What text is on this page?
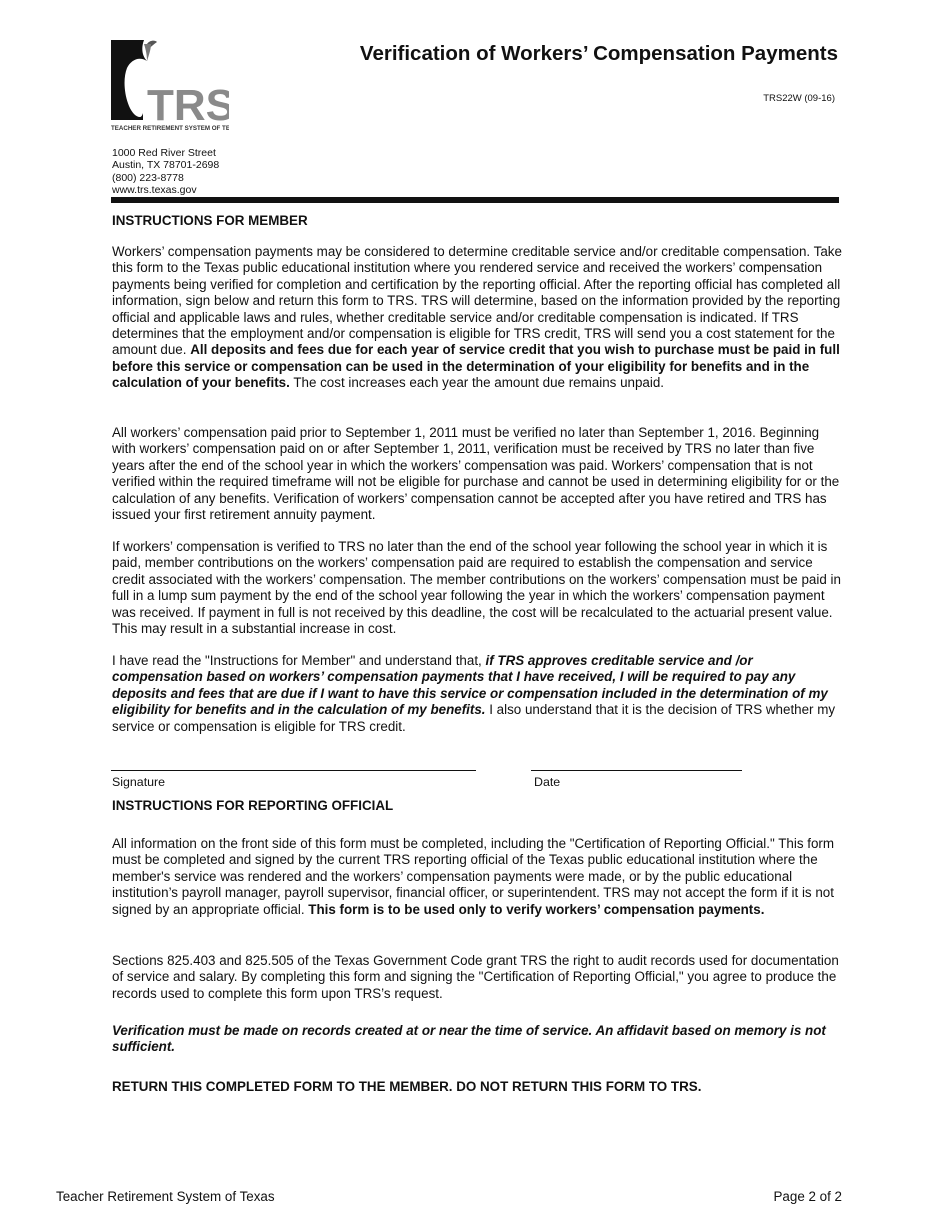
TRS
TEACHER RETIREMENT SYSTEM OF TE
1000 Red River Street
Austin, TX 78701-2698
(800) 223-8778
www.trs.texas.gov
Verification of Workers’ Compensation Payments
TRS22W (09-16)
INSTRUCTIONS FOR MEMBER

Workers’ compensation payments may be considered to determine creditable service and/or creditable compensation. Take this form to the Texas public educational institution where you rendered service and received the workers’ compensation payments being verified for completion and certification by the reporting official. After the reporting official has completed all information, sign below and return this form to TRS. TRS will determine, based on the information provided by the reporting official and applicable laws and rules, whether creditable service and/or creditable compensation is indicated. If TRS determines that the employment and/or compensation is eligible for TRS credit, TRS will send you a cost statement for the amount due. All deposits and fees due for each year of service credit that you wish to purchase must be paid in full before this service or compensation can be used in the determination of your eligibility for benefits and in the calculation of your benefits. The cost increases each year the amount due remains unpaid.

All workers’ compensation paid prior to September 1, 2011 must be verified no later than September 1, 2016. Beginning with workers’ compensation paid on or after September 1, 2011, verification must be received by TRS no later than five years after the end of the school year in which the workers’ compensation was paid. Workers’ compensation that is not verified within the required timeframe will not be eligible for purchase and cannot be used in determining eligibility for or the calculation of any benefits. Verification of workers’ compensation cannot be accepted after you have retired and TRS has issued your first retirement annuity payment.

If workers’ compensation is verified to TRS no later than the end of the school year following the school year in which it is paid, member contributions on the workers’ compensation paid are required to establish the compensation and service credit associated with the workers’ compensation. The member contributions on the workers’ compensation must be paid in full in a lump sum payment by the end of the school year following the year in which the workers’ compensation payment was received. If payment in full is not received by this deadline, the cost will be recalculated to the actuarial present value. This may result in a substantial increase in cost.

I have read the "Instructions for Member" and understand that, if TRS approves creditable service and /or compensation based on workers’ compensation payments that I have received, I will be required to pay any deposits and fees that are due if I want to have this service or compensation included in the determination of my eligibility for benefits and in the calculation of my benefits. I also understand that it is the decision of TRS whether my service or compensation is eligible for TRS credit.

Signature	Date
INSTRUCTIONS FOR REPORTING OFFICIAL

All information on the front side of this form must be completed, including the "Certification of Reporting Official." This form must be completed and signed by the current TRS reporting official of the Texas public educational institution where the member's service was rendered and the workers’ compensation payments were made, or by the public educational institution’s payroll manager, payroll supervisor, financial officer, or superintendent. TRS may not accept the form if it is not signed by an appropriate official. This form is to be used only to verify workers’ compensation payments.

Sections 825.403 and 825.505 of the Texas Government Code grant TRS the right to audit records used for documentation of service and salary. By completing this form and signing the "Certification of Reporting Official," you agree to produce the records used to complete this form upon TRS’s request.

Verification must be made on records created at or near the time of service. An affidavit based on memory is not sufficient.

RETURN THIS COMPLETED FORM TO THE MEMBER. DO NOT RETURN THIS FORM TO TRS.

Teacher Retirement System of Texas	Page 2 of 2
